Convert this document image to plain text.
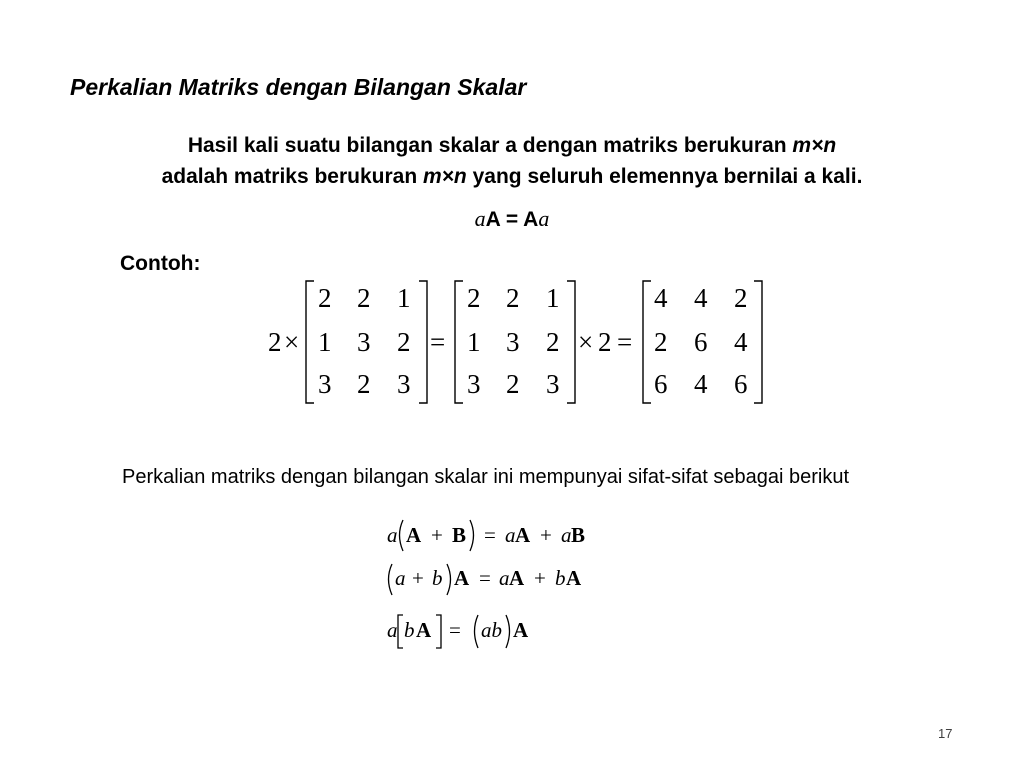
Perkalian Matriks dengan Bilangan Skalar
Hasil kali suatu bilangan skalar a dengan matriks berukuran m×n
adalah matriks berukuran m×n yang seluruh elemennya bernilai a kali.
aA = Aa
Contoh:
2 ×
2 2 1
1 3 2
3 2 3
=
2 2 1
1 3 2
3 2 3
× 2 =
4 4 2
2 6 4
6 4 6
Perkalian matriks dengan bilangan skalar ini mempunyai sifat-sifat sebagai berikut
a A + B = a A + a B
a + b A = a A + b A
a b A = ab A
17
